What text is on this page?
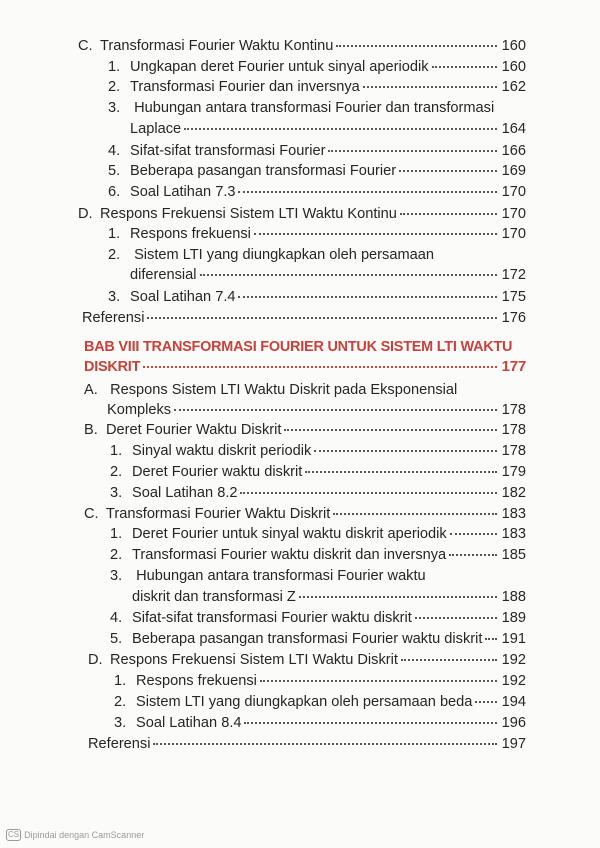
C. Transformasi Fourier Waktu Kontinu	160
1. Ungkapan deret Fourier untuk sinyal aperiodik	160
2. Transformasi Fourier dan inversnya	162
3. Hubungan antara transformasi Fourier dan transformasi
Laplace	164
4. Sifat-sifat transformasi Fourier	166
5. Beberapa pasangan transformasi Fourier	169
6. Soal Latihan 7.3	170
D. Respons Frekuensi Sistem LTI Waktu Kontinu	170
1. Respons frekuensi	170
2. Sistem LTI yang diungkapkan oleh persamaan
diferensial	172
3. Soal Latihan 7.4	175
Referensi	176
BAB VIII TRANSFORMASI FOURIER UNTUK SISTEM LTI WAKTU
DISKRIT	177
A. Respons Sistem LTI Waktu Diskrit pada Eksponensial
Kompleks	178
B. Deret Fourier Waktu Diskrit	178
1. Sinyal waktu diskrit periodik	178
2. Deret Fourier waktu diskrit	179
3. Soal Latihan 8.2	182
C. Transformasi Fourier Waktu Diskrit	183
1. Deret Fourier untuk sinyal waktu diskrit aperiodik	183
2. Transformasi Fourier waktu diskrit dan inversnya	185
3. Hubungan antara transformasi Fourier waktu
diskrit dan transformasi Z	188
4. Sifat-sifat transformasi Fourier waktu diskrit	189
5. Beberapa pasangan transformasi Fourier waktu diskrit 191
D. Respons Frekuensi Sistem LTI Waktu Diskrit	192
1. Respons frekuensi	192
2. Sistem LTI yang diungkapkan oleh persamaan beda 194
3. Soal Latihan 8.4	196
Referensi	197
CS Dipindai dengan CamScanner
